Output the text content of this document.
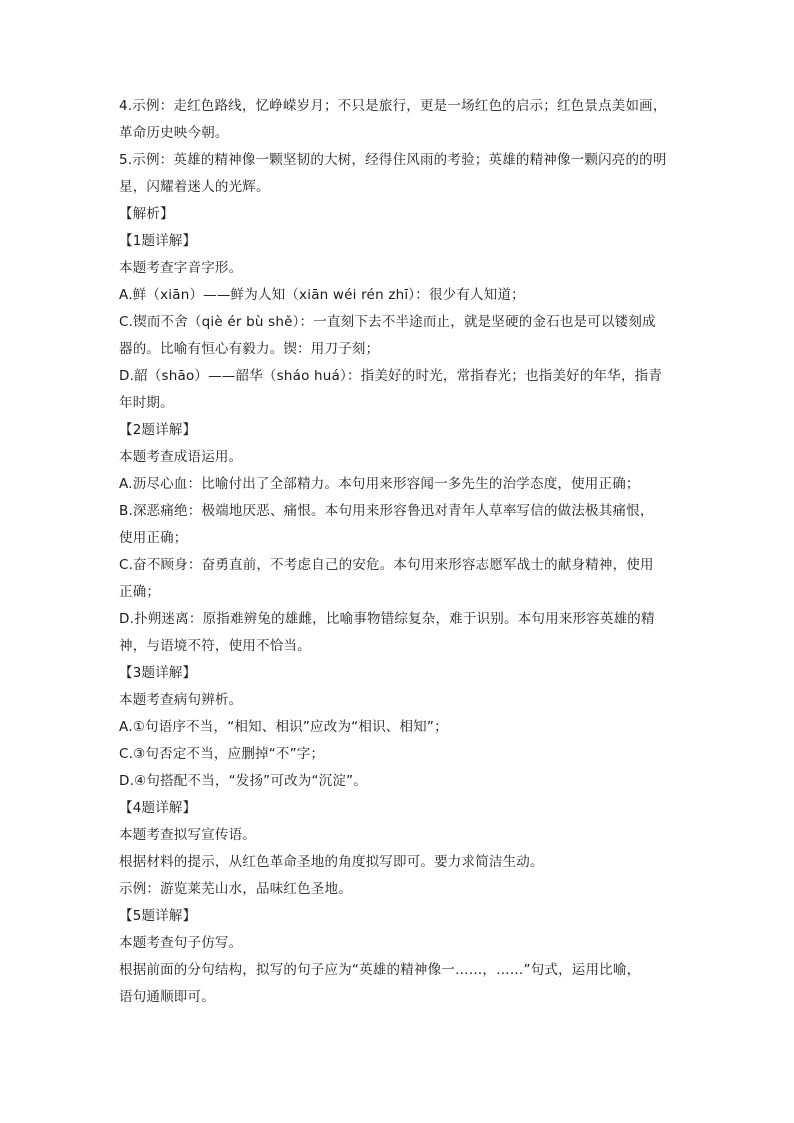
4.示例：走红色路线，忆峥嵘岁月；不只是旅行，更是一场红色的启示；红色景点美如画，
革命历史映今朝。
5.示例：英雄的精神像一颗坚韧的大树，经得住风雨的考验；英雄的精神像一颗闪亮的的明
星，闪耀着迷人的光辉。
【解析】
【1题详解】
本题考查字音字形。
A.鲜（xiān）——鲜为人知（xiān wéi rén zhī）：很少有人知道；
C.锲而不舍（qiè ér bù shě）：一直刻下去不半途而止，就是坚硬的金石也是可以镂刻成
器的。比喻有恒心有毅力。锲：用刀子刻；
D.韶（shāo）——韶华（sháo huá）：指美好的时光，常指春光；也指美好的年华，指青
年时期。
【2题详解】
本题考查成语运用。
A.沥尽心血：比喻付出了全部精力。本句用来形容闻一多先生的治学态度，使用正确；
B.深恶痛绝：极端地厌恶、痛恨。本句用来形容鲁迅对青年人草率写信的做法极其痛恨，
使用正确；
C.奋不顾身：奋勇直前，不考虑自己的安危。本句用来形容志愿军战士的献身精神，使用
正确；
D.扑朔迷离：原指难辨兔的雄雌，比喻事物错综复杂，难于识别。本句用来形容英雄的精
神，与语境不符，使用不恰当。
【3题详解】
本题考查病句辨析。
A.①句语序不当，“相知、相识”应改为“相识、相知”；
C.③句否定不当，应删掉“不”字；
D.④句搭配不当，“发扬”可改为“沉淀”。
【4题详解】
本题考查拟写宣传语。
根据材料的提示，从红色革命圣地的角度拟写即可。要力求简洁生动。
示例：游览莱芜山水，品味红色圣地。
【5题详解】
本题考查句子仿写。
根据前面的分句结构，拟写的句子应为“英雄的精神像一……，……”句式，运用比喻，
语句通顺即可。
